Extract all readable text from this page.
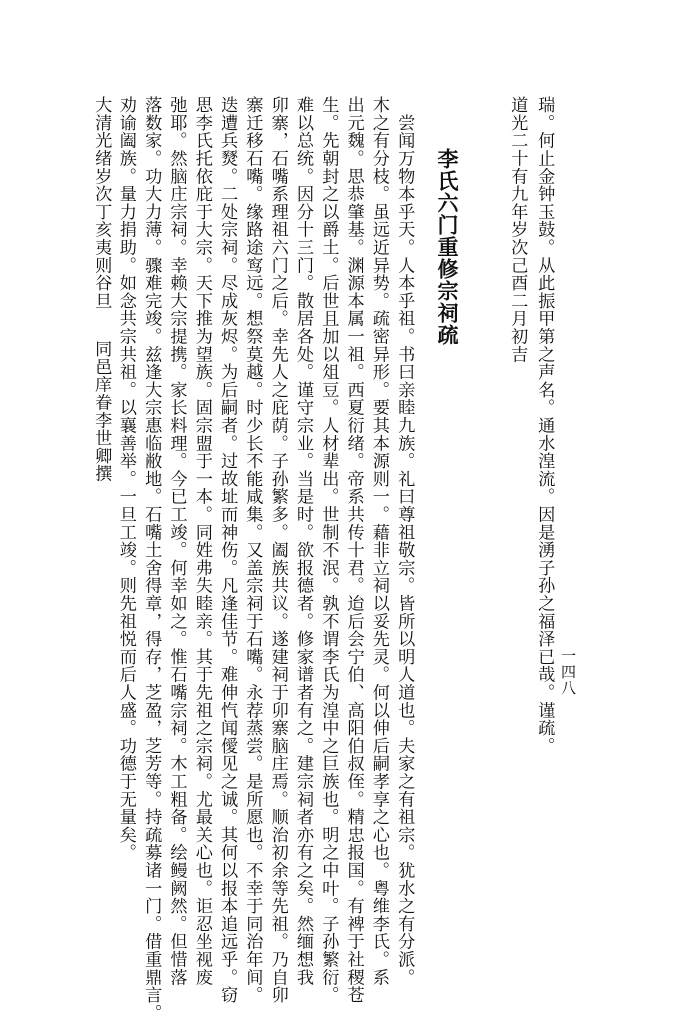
一四八
瑞。何止金钟玉鼓。从此振甲第之声名。通水湟流。因是湧子孙之福泽已哉。谨疏。
道光二十有九年岁次己酉二月初吉
李氏六门重修宗祠疏
　尝闻万物本乎天。人本乎祖。书曰亲睦九族。礼曰尊祖敬宗。皆所以明人道也。夫家之有祖宗。犹水之有分派。
木之有分枝。虽远近异势。疏密异形。要其本源则一。藉非立祠以妥先灵。何以伸后嗣孝享之心也。粤维李氏。系
出元魏。思恭肇基。渊源本属一祖。西夏衍绪。帝系共传十君。迨后会宁伯、高阳伯叔侄。精忠报国。有裨于社稷苍
生。先朝封之以爵土。后世且加以俎豆。人材辈出。世制不泯。孰不谓李氏为湟中之巨族也。明之中叶。子孙繁衍。
难以总统。因分十三门。散居各处。谨守宗业。当是时。欲报德者。修家谱者有之。建宗祠者亦有之矣。然缅想我
卯寨，石嘴系理祖六门之后。幸先人之庇荫。子孙繁多。阖族共议。遂建祠于卯寨脑庄焉。顺治初余等先祖。乃自卯
寨迁移石嘴。缘路途窎远。想祭莫越。时少长不能咸集。又盖宗祠于石嘴。永荐蒸尝。是所愿也。不幸于同治年间。
迭遭兵燹。二处宗祠。尽成灰烬。为后嗣者。过故址而神伤。凡逢佳节。难伸忾闻僾见之诚。其何以报本追远乎。窃
思李氏托依庇于大宗。天下推为望族。固宗盟于一本。同姓弗失睦亲。其于先祖之宗祠。尤最关心也。讵忍坐视废
弛耶。然脑庄宗祠。幸赖大宗提携。家长料理。今已工竣。何幸如之。惟石嘴宗祠。木工粗备。绘鳗阙然。但惜落
落数家。功大力薄。骤难完竣。兹逢大宗惠临敝地。石嘴土舍得章，得存，芝盈，芝芳等。持疏募诸一门。借重鼎言。
劝谕阖族。量力捐助。如念共宗共祖。以襄善举。一旦工竣。则先祖悦而后人盛。功德于无量矣。
大清光绪岁次丁亥夷则谷旦
同邑庠眷李世卿撰
